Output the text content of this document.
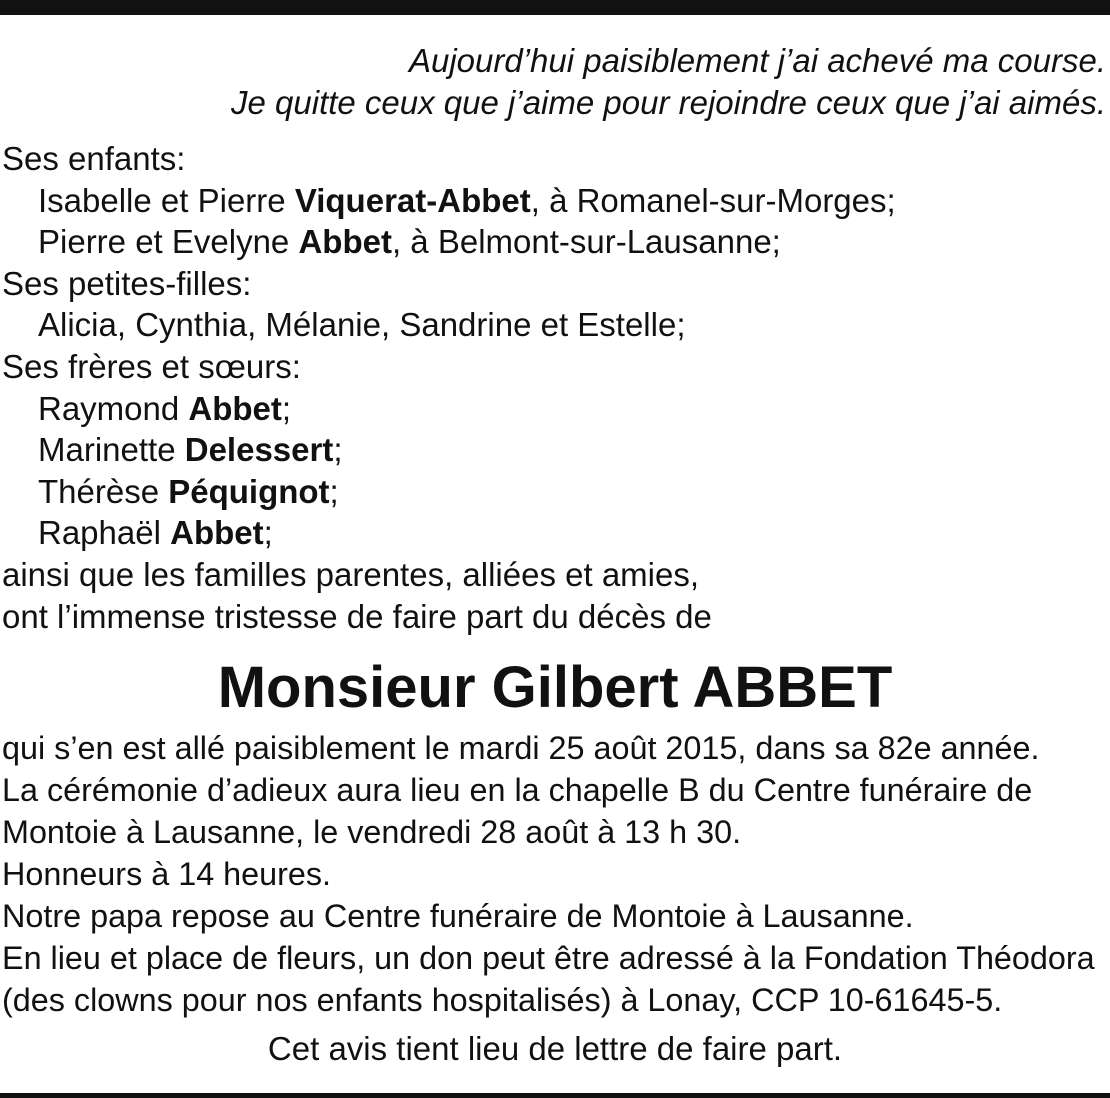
Aujourd’hui paisiblement j’ai achevé ma course.
Je quitte ceux que j’aime pour rejoindre ceux que j’ai aimés.
Ses enfants:
Isabelle et Pierre Viquerat-Abbet, à Romanel-sur-Morges;
Pierre et Evelyne Abbet, à Belmont-sur-Lausanne;
Ses petites-filles:
Alicia, Cynthia, Mélanie, Sandrine et Estelle;
Ses frères et sœurs:
Raymond Abbet;
Marinette Delessert;
Thérèse Péquignot;
Raphaël Abbet;
ainsi que les familles parentes, alliées et amies,
ont l’immense tristesse de faire part du décès de
Monsieur Gilbert ABBET
qui s’en est allé paisiblement le mardi 25 août 2015, dans sa 82e année.
La cérémonie d’adieux aura lieu en la chapelle B du Centre funéraire de
Montoie à Lausanne, le vendredi 28 août à 13 h 30.
Honneurs à 14 heures.
Notre papa repose au Centre funéraire de Montoie à Lausanne.
En lieu et place de fleurs, un don peut être adressé à la Fondation Théodora
(des clowns pour nos enfants hospitalisés) à Lonay, CCP 10-61645-5.
Cet avis tient lieu de lettre de faire part.
